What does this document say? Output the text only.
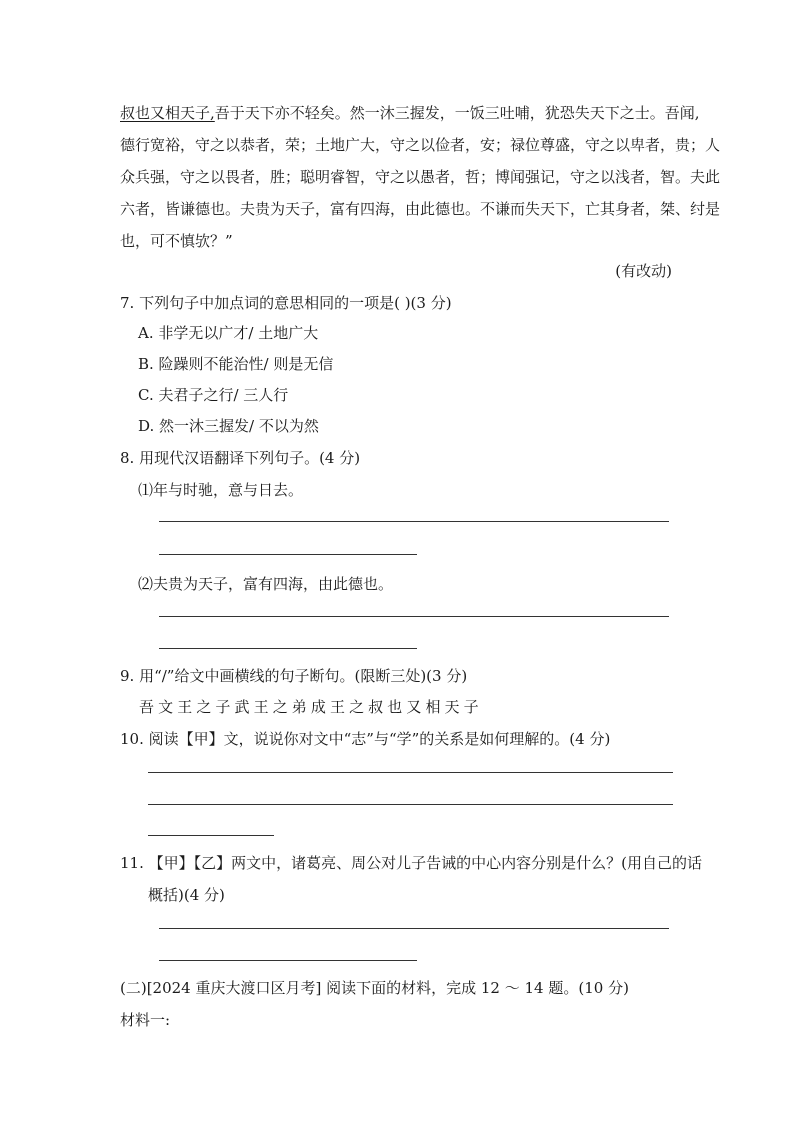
叔也又相天子,吾于天下亦不轻矣。然一沐三握发，一饭三吐哺，犹恐失天下之士。吾闻,
德行宽裕，守之以恭者，荣；土地广大，守之以俭者，安；禄位尊盛，守之以卑者，贵；人
众兵强，守之以畏者，胜；聪明睿智，守之以愚者，哲；博闻强记，守之以浅者，智。夫此
六者，皆谦德也。夫贵为天子，富有四海，由此德也。不谦而失天下，亡其身者，桀、纣是
也，可不慎欤？”
(有改动)
7. 下列句子中加点词的意思相同的一项是( )(3 分)
A. 非学无以广才/ 土地广大
B. 险躁则不能治性/ 则是无信
C. 夫君子之行/ 三人行
D. 然一沐三握发/ 不以为然
8. 用现代汉语翻译下列句子。(4 分)
⑴年与时驰，意与日去。
⑵夫贵为天子，富有四海，由此德也。
9. 用“/”给文中画横线的句子断句。(限断三处)(3 分)
吾 文 王 之 子 武 王 之 弟 成 王 之 叔 也 又 相 天 子
10. 阅读【甲】文，说说你对文中“志”与“学”的关系是如何理解的。(4 分)
11. 【甲】【乙】两文中，诸葛亮、周公对儿子告诫的中心内容分别是什么？(用自己的话
概括)(4 分)
(二)[2024 重庆大渡口区月考] 阅读下面的材料，完成 12 ～ 14 题。(10 分)
材料一:
